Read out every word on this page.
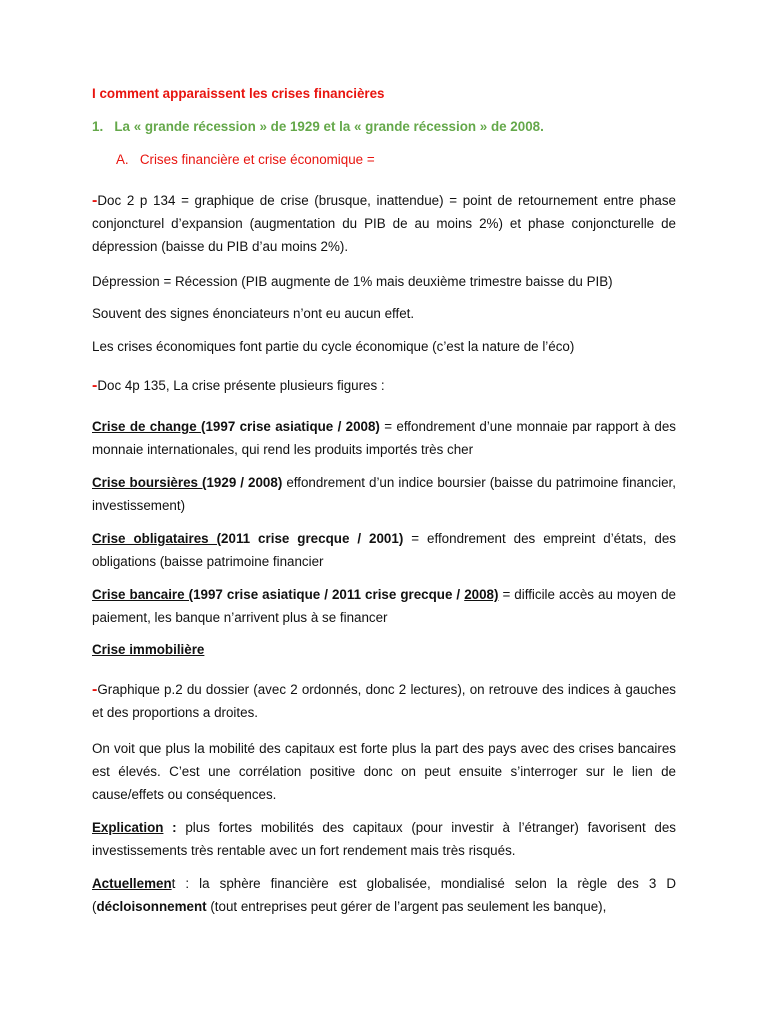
I comment apparaissent les crises financières

1. La « grande récession » de 1929 et la « grande récession » de 2008.

A. Crises financière et crise économique =

-Doc 2 p 134 = graphique de crise (brusque, inattendue) = point de retournement entre phase conjoncturel d’expansion (augmentation du PIB de au moins 2%) et phase conjoncturelle de dépression (baisse du PIB d’au moins 2%).

Dépression = Récession (PIB augmente de 1% mais deuxième trimestre baisse du PIB)

Souvent des signes énonciateurs n’ont eu aucun effet.

Les crises économiques font partie du cycle économique (c’est la nature de l’éco)

-Doc 4p 135, La crise présente plusieurs figures :

Crise de change (1997 crise asiatique / 2008) = effondrement d’une monnaie par rapport à des monnaie internationales, qui rend les produits importés très cher

Crise boursières (1929 / 2008) effondrement d’un indice boursier (baisse du patrimoine financier, investissement)

Crise obligataires (2011 crise grecque / 2001) = effondrement des empreint d’états, des obligations (baisse patrimoine financier

Crise bancaire (1997 crise asiatique / 2011 crise grecque / 2008) = difficile accès au moyen de paiement, les banque n’arrivent plus à se financer

Crise immobilière

-Graphique p.2 du dossier (avec 2 ordonnés, donc 2 lectures), on retrouve des indices à gauches et des proportions a droites.

On voit que plus la mobilité des capitaux est forte plus la part des pays avec des crises bancaires est élevés. C’est une corrélation positive donc on peut ensuite s’interroger sur le lien de cause/effets ou conséquences.

Explication : plus fortes mobilités des capitaux (pour investir à l’étranger) favorisent des investissements très rentable avec un fort rendement mais très risqués.

Actuellement : la sphère financière est globalisée, mondialisé selon la règle des 3 D (décloisonnement (tout entreprises peut gérer de l’argent pas seulement les banque),
